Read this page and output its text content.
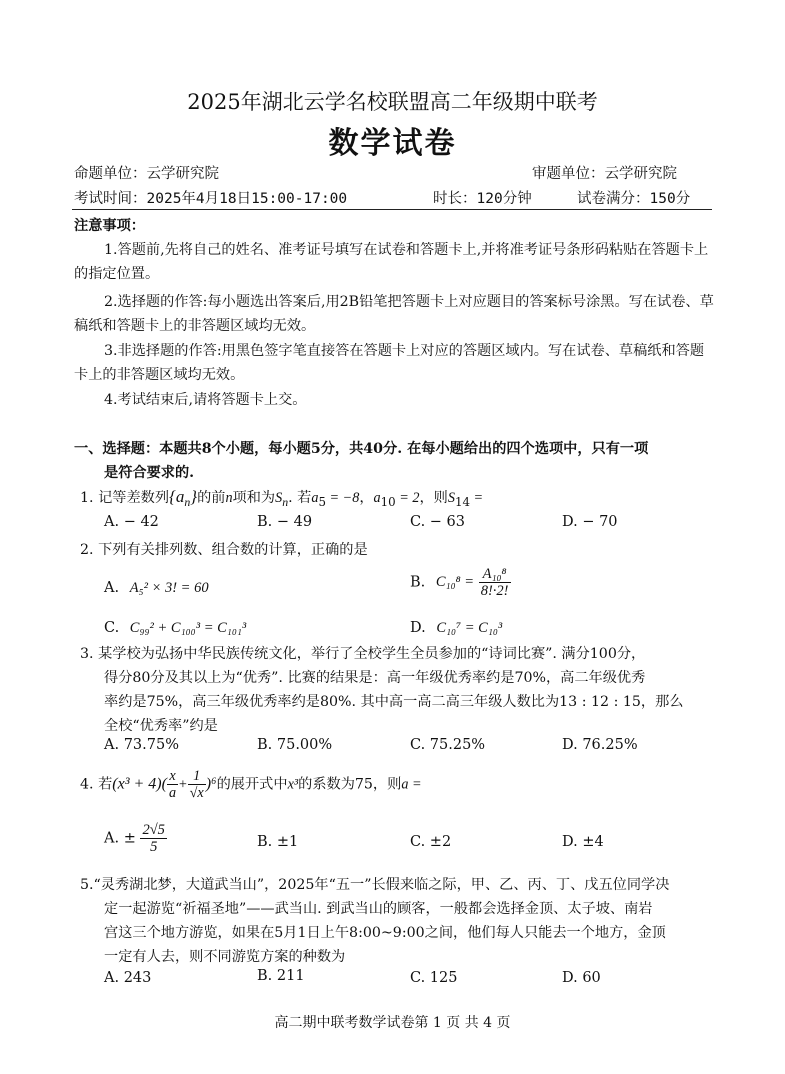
2025年湖北云学名校联盟高二年级期中联考
数学试卷
命题单位：云学研究院	审题单位：云学研究院
考试时间：2025年4月18日15:00-17:00	时长：120分钟	试卷满分：150分
注意事项：
1.答题前,先将自己的姓名、准考证号填写在试卷和答题卡上,并将准考证号条形码粘贴在答题卡上的指定位置。
2.选择题的作答:每小题选出答案后,用2B铅笔把答题卡上对应题目的答案标号涂黑。写在试卷、草稿纸和答题卡上的非答题区域均无效。
3.非选择题的作答:用黑色签字笔直接答在答题卡上对应的答题区域内。写在试卷、草稿纸和答题卡上的非答题区域均无效。
4.考试结束后,请将答题卡上交。
一、选择题：本题共8个小题，每小题5分，共40分. 在每小题给出的四个选项中，只有一项
是符合要求的.
1. 记等差数列$\{a_n\}$的前n项和为$S_n$. 若$a_5 = -8$，$a_{10} = 2$，则$S_{14}$ =
A. − 42	B. − 49	C. − 63	D. − 70
2. 下列有关排列数、组合数的计算，正确的是
A. A₅² × 3! = 60	B. $C_{10}^8 = \frac{\text{A₁₀⁸}}{8!\cdot 2!}$
C. C₉₉² + C₁₀₀³ = C₁₀₁³	D. C₁₀⁷ = C₁₀³
3. 某学校为弘扬中华民族传统文化，举行了全校学生全员参加的“诗词比赛”. 满分100分，
得分80分及其以上为“优秀”. 比赛的结果是：高一年级优秀率约是70%，高二年级优秀
率约是75%，高三年级优秀率约是80%. 其中高一高二高三年级人数比为13 : 12 : 15，那么
全校“优秀率”约是
A. 73.75%	B. 75.00%	C. 75.25%	D. 76.25%
4. 若$(x^3 + 4)( \frac{x}{a} + \frac{1}{√x} )^6$的展开式中x³的系数为75，则a =
A. ± $\frac{2√5}{5}$	B. ±1	C. ±2	D. ±4
5.“灵秀湖北梦，大道武当山”，2025年“五一”长假来临之际，甲、乙、丙、丁、戊五位同学决
定一起游览“祈福圣地”——武当山. 到武当山的顾客，一般都会选择金顶、太子坡、南岩
宫这三个地方游览，如果在5月1日上午8:00~9:00之间，他们每人只能去一个地方，金顶
一定有人去，则不同游览方案的种数为
A. 243	B. 211	C. 125	D. 60
高二期中联考数学试卷第 1 页 共 4 页
